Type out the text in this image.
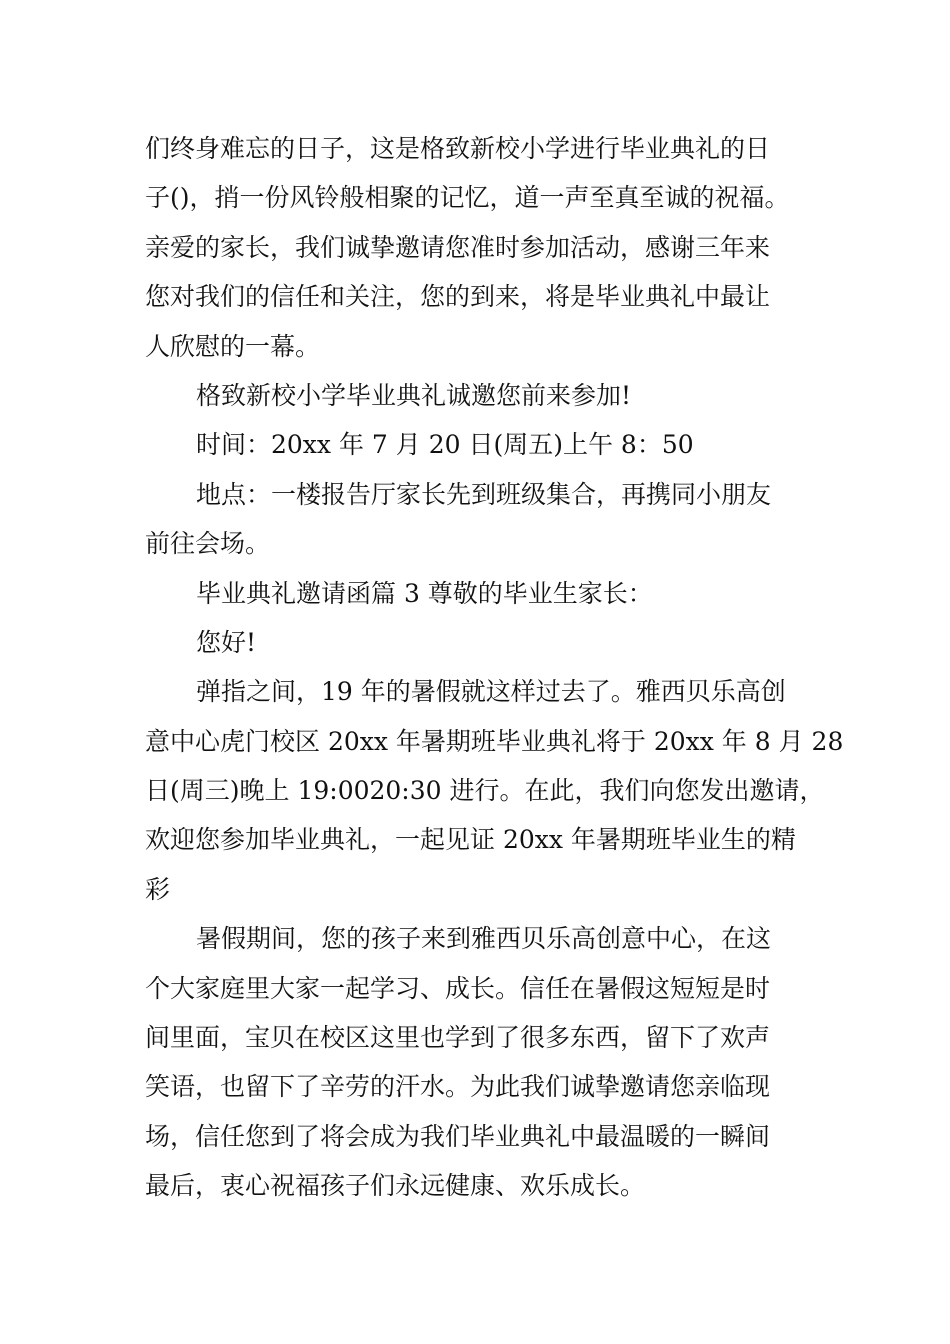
们终身难忘的日子，这是格致新校小学进行毕业典礼的日
子()，捎一份风铃般相聚的记忆，道一声至真至诚的祝福。
亲爱的家长，我们诚挚邀请您准时参加活动，感谢三年来
您对我们的信任和关注，您的到来，将是毕业典礼中最让
人欣慰的一幕。
格致新校小学毕业典礼诚邀您前来参加!
时间：20xx 年 7 月 20 日(周五)上午 8：50
地点：一楼报告厅家长先到班级集合，再携同小朋友
前往会场。
毕业典礼邀请函篇 3 尊敬的毕业生家长：
您好!
弹指之间，19 年的暑假就这样过去了。雅西贝乐高创
意中心虎门校区 20xx 年暑期班毕业典礼将于 20xx 年 8 月 28
日(周三)晚上 19:0020:30 进行。在此，我们向您发出邀请，
欢迎您参加毕业典礼，一起见证 20xx 年暑期班毕业生的精
彩
暑假期间，您的孩子来到雅西贝乐高创意中心，在这
个大家庭里大家一起学习、成长。信任在暑假这短短是时
间里面，宝贝在校区这里也学到了很多东西，留下了欢声
笑语，也留下了辛劳的汗水。为此我们诚挚邀请您亲临现
场，信任您到了将会成为我们毕业典礼中最温暖的一瞬间
最后，衷心祝福孩子们永远健康、欢乐成长。
